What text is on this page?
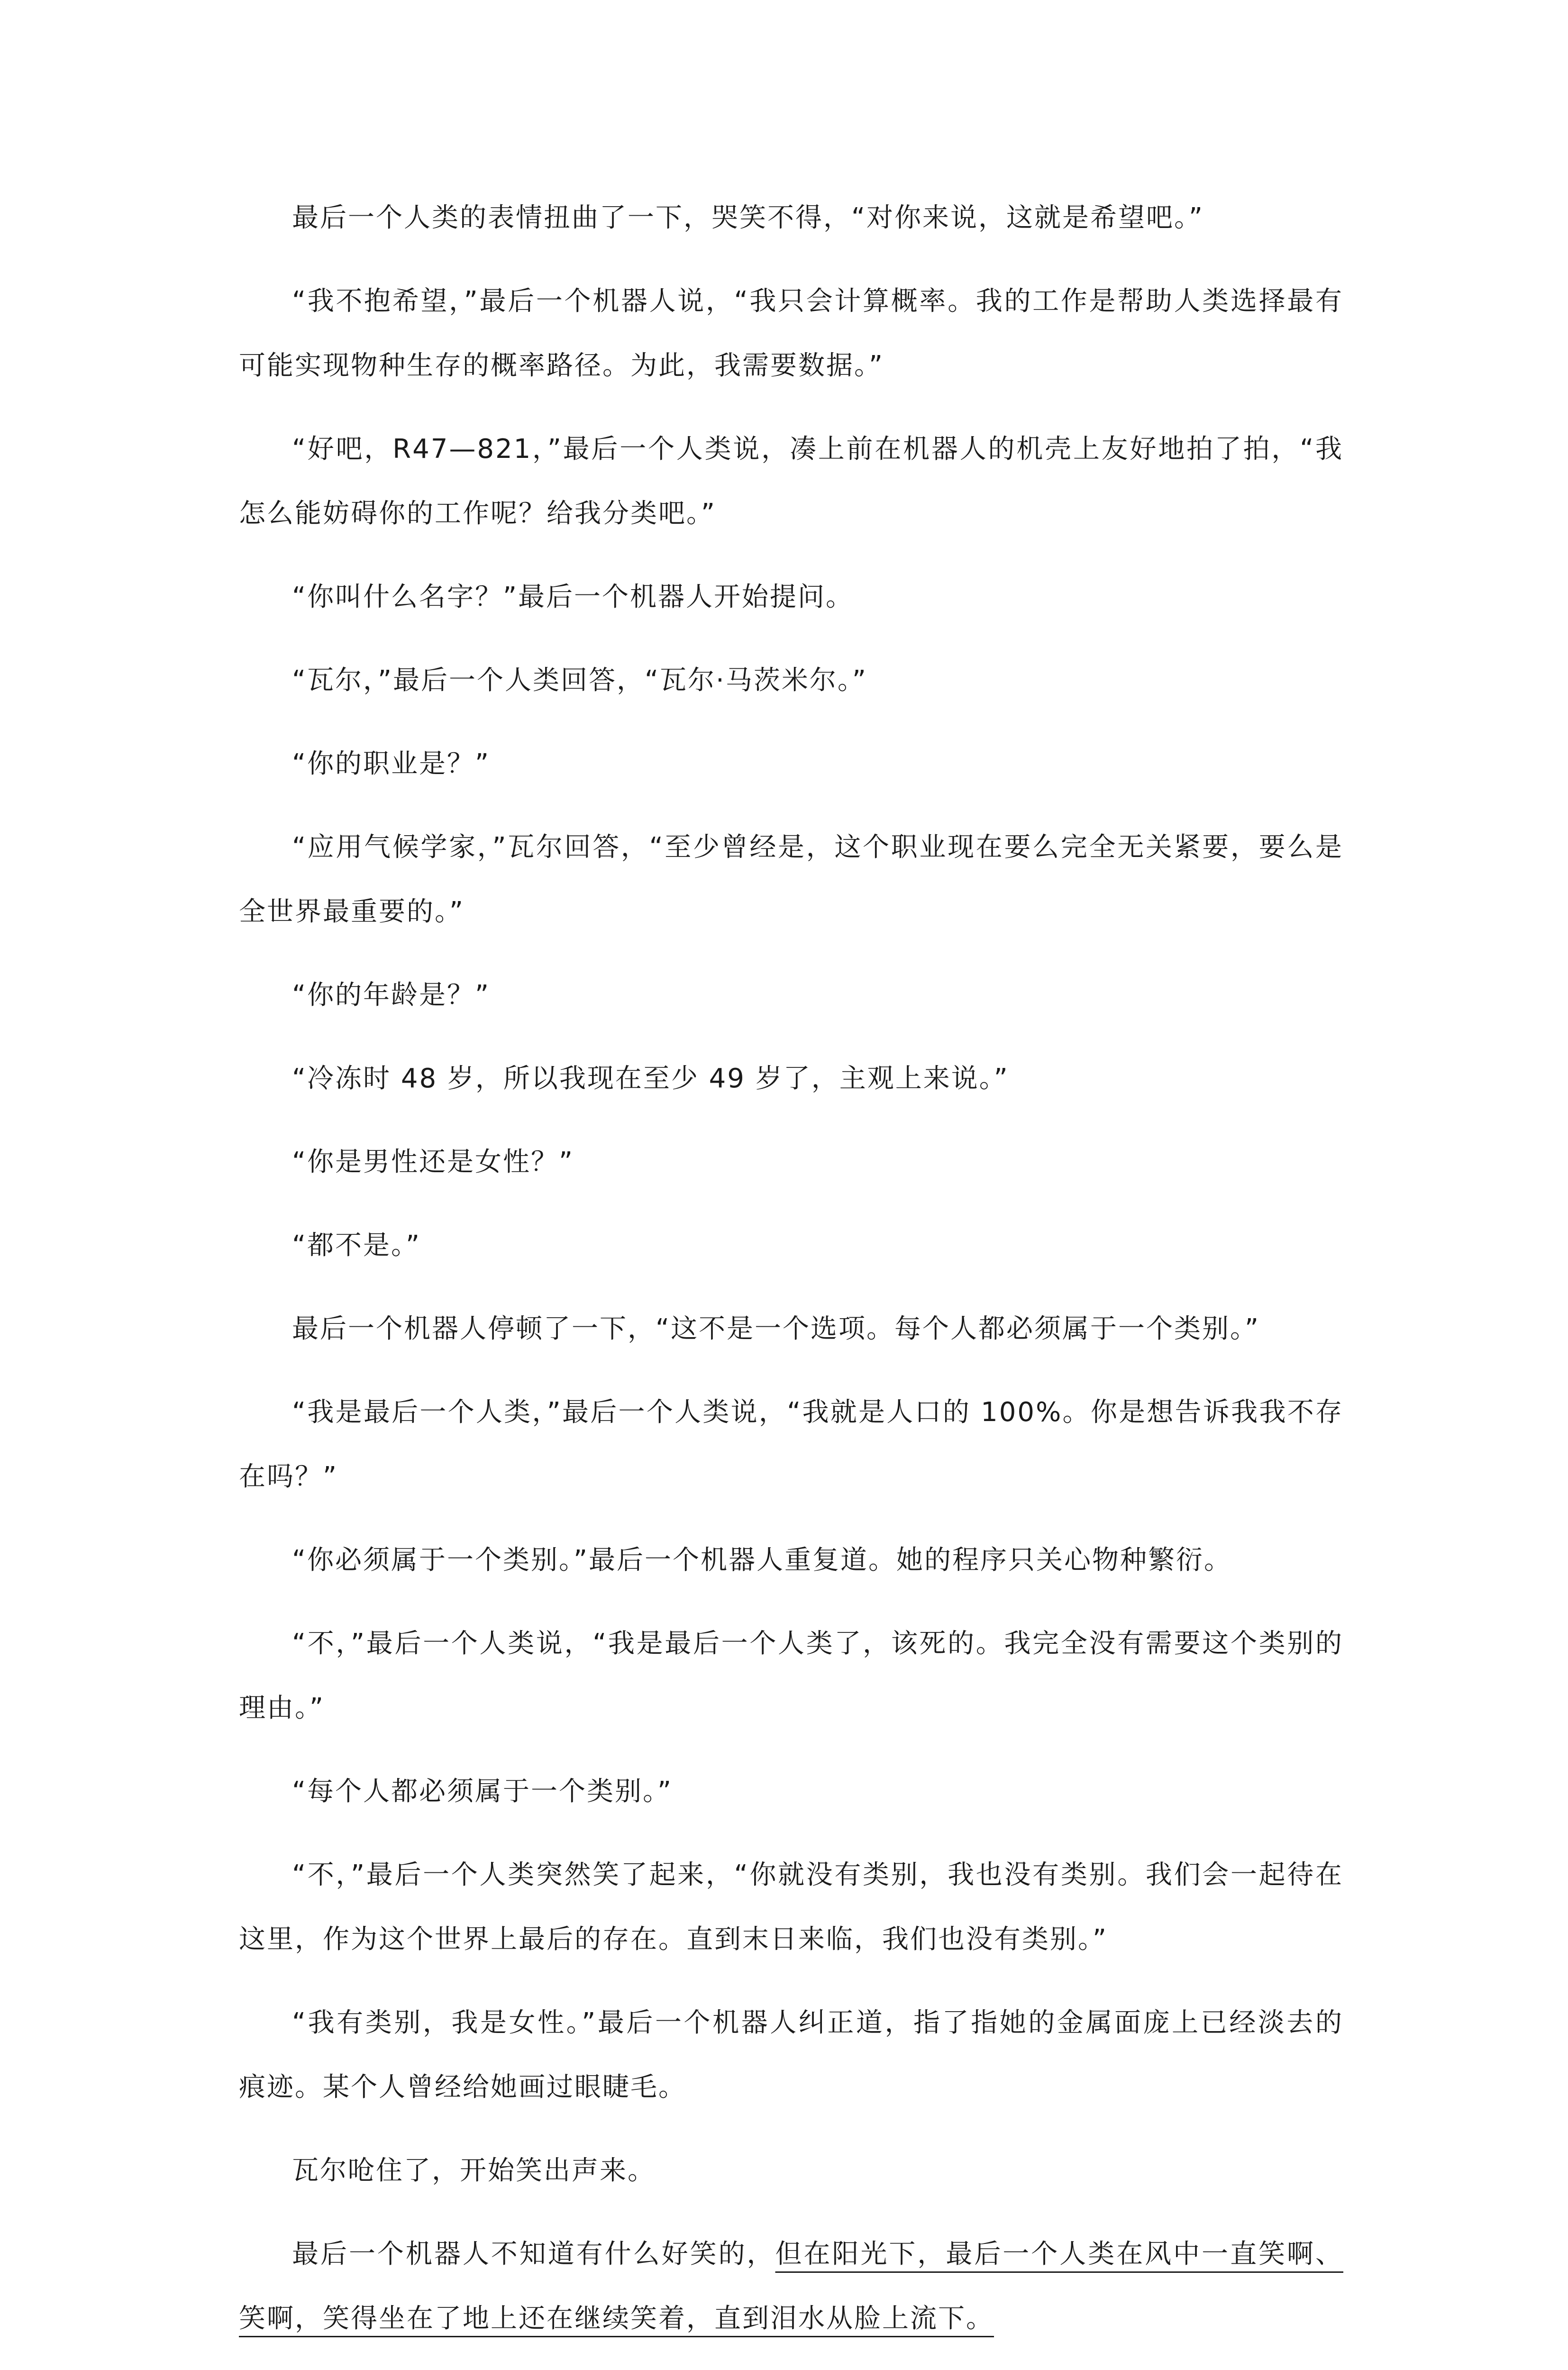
最后一个人类的表情扭曲了一下，哭笑不得，“对你来说，这就是希望吧。”

“我不抱希望，”最后一个机器人说，“我只会计算概率。我的工作是帮助人类选择最有可能实现物种生存的概率路径。为此，我需要数据。”

“好吧，R47—821，”最后一个人类说，凑上前在机器人的机壳上友好地拍了拍，“我怎么能妨碍你的工作呢？给我分类吧。”

“你叫什么名字？”最后一个机器人开始提问。

“瓦尔，”最后一个人类回答，“瓦尔·马茨米尔。”

“你的职业是？”

“应用气候学家，”瓦尔回答，“至少曾经是，这个职业现在要么完全无关紧要，要么是全世界最重要的。”

“你的年龄是？”

“冷冻时 48 岁，所以我现在至少 49 岁了，主观上来说。”

“你是男性还是女性？”

“都不是。”

最后一个机器人停顿了一下，“这不是一个选项。每个人都必须属于一个类别。”

“我是最后一个人类，”最后一个人类说，“我就是人口的 100%。你是想告诉我我不存在吗？”

“你必须属于一个类别。”最后一个机器人重复道。她的程序只关心物种繁衍。

“不，”最后一个人类说，“我是最后一个人类了，该死的。我完全没有需要这个类别的理由。”

“每个人都必须属于一个类别。”

“不，”最后一个人类突然笑了起来，“你就没有类别，我也没有类别。我们会一起待在这里，作为这个世界上最后的存在。直到末日来临，我们也没有类别。”

“我有类别，我是女性。”最后一个机器人纠正道，指了指她的金属面庞上已经淡去的痕迹。某个人曾经给她画过眼睫毛。

瓦尔呛住了，开始笑出声来。

最后一个机器人不知道有什么好笑的，但在阳光下，最后一个人类在风中一直笑啊、笑啊，笑得坐在了地上还在继续笑着，直到泪水从脸上流下。
